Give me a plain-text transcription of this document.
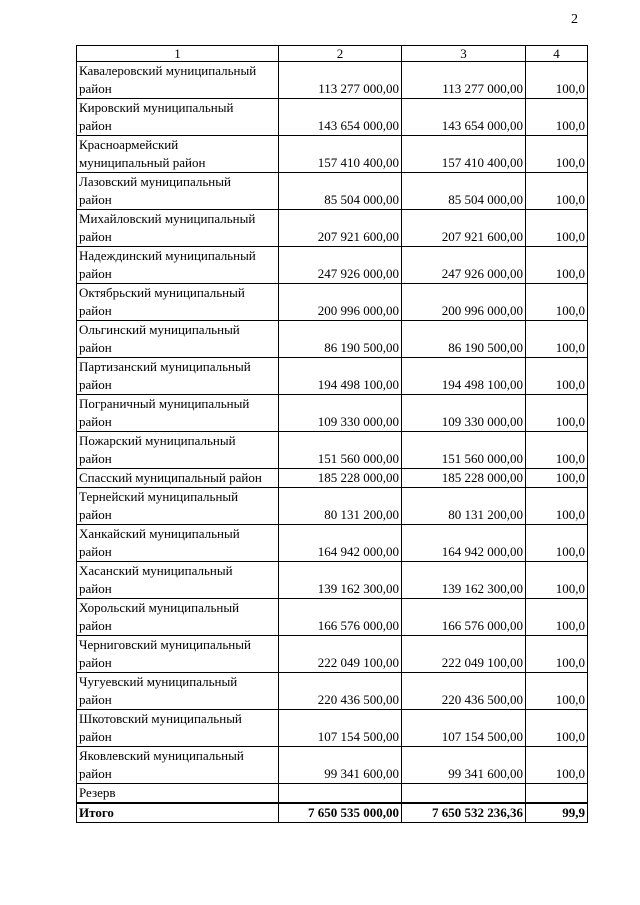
2
1	2	3	4
Кавалеровский муниципальный
район	113 277 000,00	113 277 000,00	100,0
Кировский муниципальный
район	143 654 000,00	143 654 000,00	100,0
Красноармейский
муниципальный район	157 410 400,00	157 410 400,00	100,0
Лазовский муниципальный
район	85 504 000,00	85 504 000,00	100,0
Михайловский муниципальный
район	207 921 600,00	207 921 600,00	100,0
Надеждинский муниципальный
район	247 926 000,00	247 926 000,00	100,0
Октябрьский муниципальный
район	200 996 000,00	200 996 000,00	100,0
Ольгинский муниципальный
район	86 190 500,00	86 190 500,00	100,0
Партизанский муниципальный
район	194 498 100,00	194 498 100,00	100,0
Пограничный муниципальный
район	109 330 000,00	109 330 000,00	100,0
Пожарский муниципальный
район	151 560 000,00	151 560 000,00	100,0
Спасский муниципальный район	185 228 000,00	185 228 000,00	100,0
Тернейский муниципальный
район	80 131 200,00	80 131 200,00	100,0
Ханкайский муниципальный
район	164 942 000,00	164 942 000,00	100,0
Хасанский муниципальный
район	139 162 300,00	139 162 300,00	100,0
Хорольский муниципальный
район	166 576 000,00	166 576 000,00	100,0
Черниговский муниципальный
район	222 049 100,00	222 049 100,00	100,0
Чугуевский муниципальный
район	220 436 500,00	220 436 500,00	100,0
Шкотовский муниципальный
район	107 154 500,00	107 154 500,00	100,0
Яковлевский муниципальный
район	99 341 600,00	99 341 600,00	100,0
Резерв			
Итого	7 650 535 000,00	7 650 532 236,36	99,9
